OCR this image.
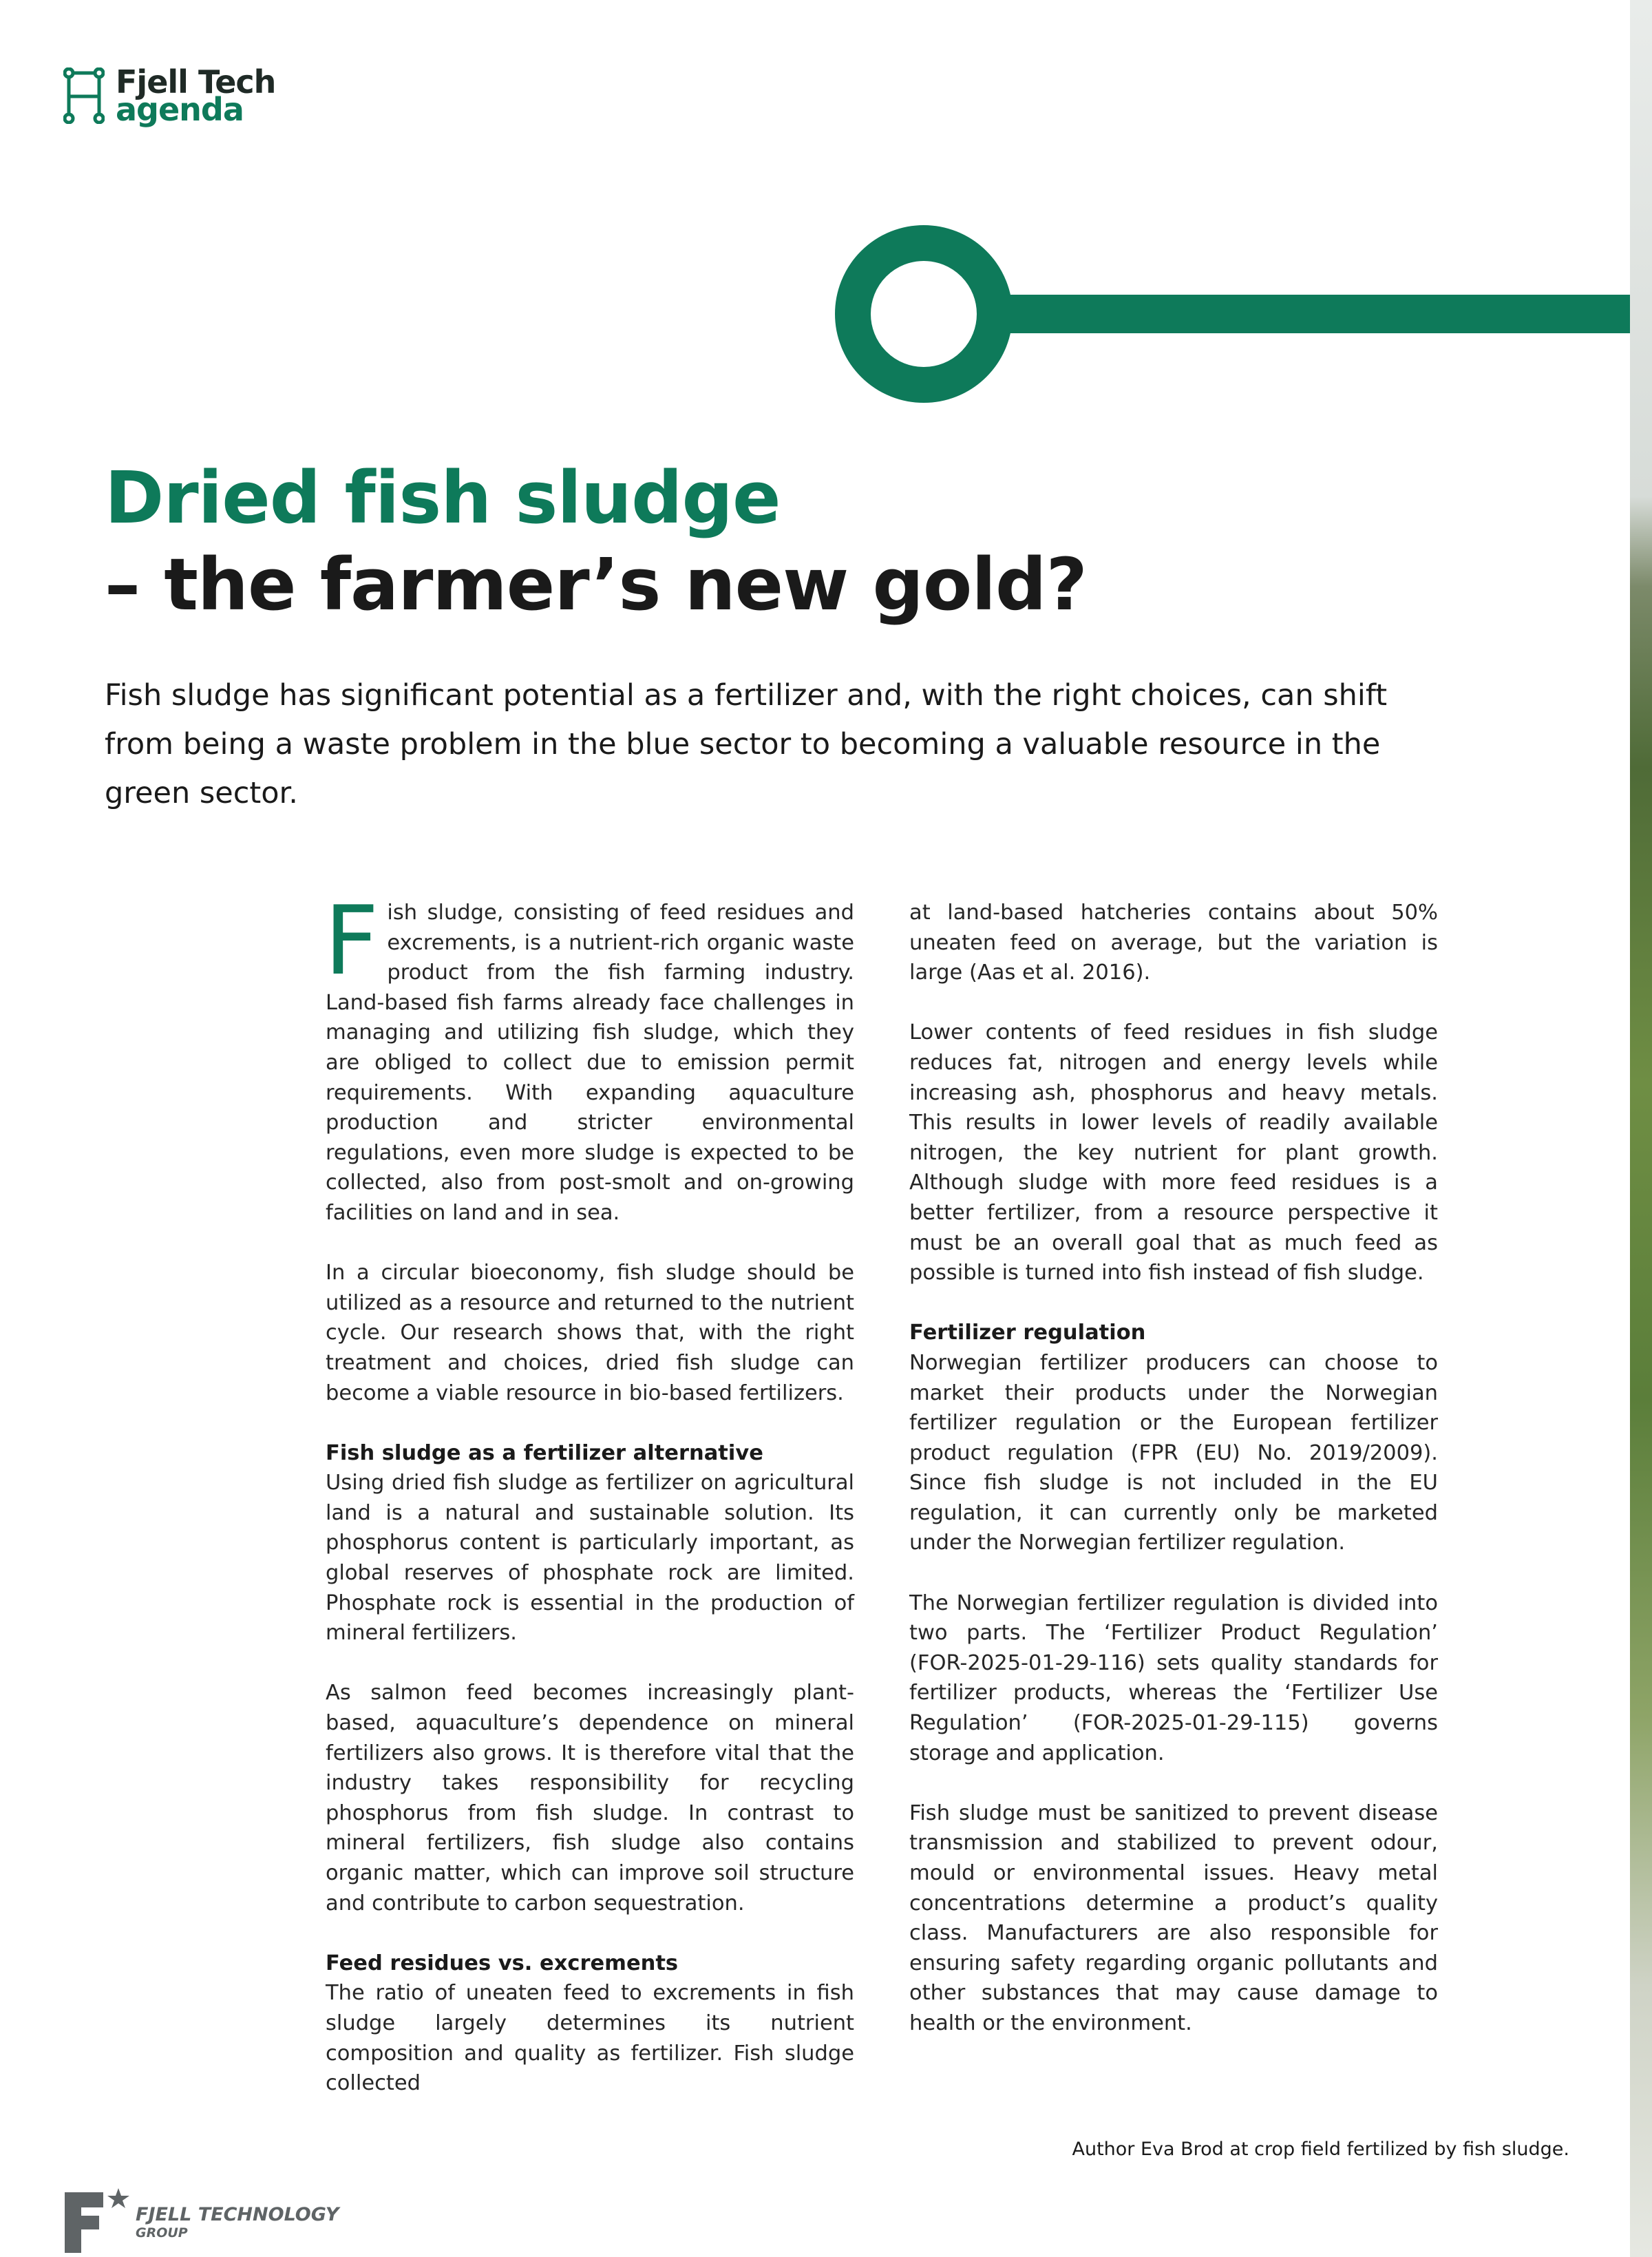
Fjell Tech
agenda
Dried fish sludge
– the farmer’s new gold?
Fish sludge has significant potential as a fertilizer and, with the right choices, can shift from being a waste problem in the blue sector to becoming a valuable resource in the green sector.

Fish sludge, consisting of feed residues and excrements, is a nutrient-rich organic waste product from the fish farming industry. Land-based fish farms already face challenges in managing and utilizing fish sludge, which they are obliged to collect due to emission permit requirements. With expanding aquaculture production and stricter environmental regulations, even more sludge is expected to be collected, also from post-smolt and on-growing facilities on land and in sea.

In a circular bioeconomy, fish sludge should be utilized as a resource and returned to the nutrient cycle. Our research shows that, with the right treatment and choices, dried fish sludge can become a viable resource in bio-based fertilizers.

Fish sludge as a fertilizer alternative

Using dried fish sludge as fertilizer on agricultural land is a natural and sustainable solution. Its phosphorus content is particularly important, as global reserves of phosphate rock are limited. Phosphate rock is essential in the production of mineral fertilizers.

As salmon feed becomes increasingly plant-based, aquaculture’s dependence on mineral fertilizers also grows. It is therefore vital that the industry takes responsibility for recycling phosphorus from fish sludge. In contrast to mineral fertilizers, fish sludge also contains organic matter, which can improve soil structure and contribute to carbon sequestration.

Feed residues vs. excrements

The ratio of uneaten feed to excrements in fish sludge largely determines its nutrient composition and quality as fertilizer. Fish sludge collected

at land-based hatcheries contains about 50% uneaten feed on average, but the variation is large (Aas et al. 2016).

Lower contents of feed residues in fish sludge reduces fat, nitrogen and energy levels while increasing ash, phosphorus and heavy metals. This results in lower levels of readily available nitrogen, the key nutrient for plant growth. Although sludge with more feed residues is a better fertilizer, from a resource perspective it must be an overall goal that as much feed as possible is turned into fish instead of fish sludge.

Fertilizer regulation

Norwegian fertilizer producers can choose to market their products under the Norwegian fertilizer regulation or the European fertilizer product regulation (FPR (EU) No. 2019/2009). Since fish sludge is not included in the EU regulation, it can currently only be marketed under the Norwegian fertilizer regulation.

The Norwegian fertilizer regulation is divided into two parts. The ‘Fertilizer Product Regulation’ (FOR-2025-01-29-116) sets quality standards for fertilizer products, whereas the ‘Fertilizer Use Regulation’ (FOR-2025-01-29-115) governs storage and application.

Fish sludge must be sanitized to prevent disease transmission and stabilized to prevent odour, mould or environmental issues. Heavy metal concentrations determine a product’s quality class. Manufacturers are also responsible for ensuring safety regarding organic pollutants and other substances that may cause damage to health or the environment.

Author Eva Brod at crop field fertilized by fish sludge.
FJELL TECHNOLOGY
GROUP
